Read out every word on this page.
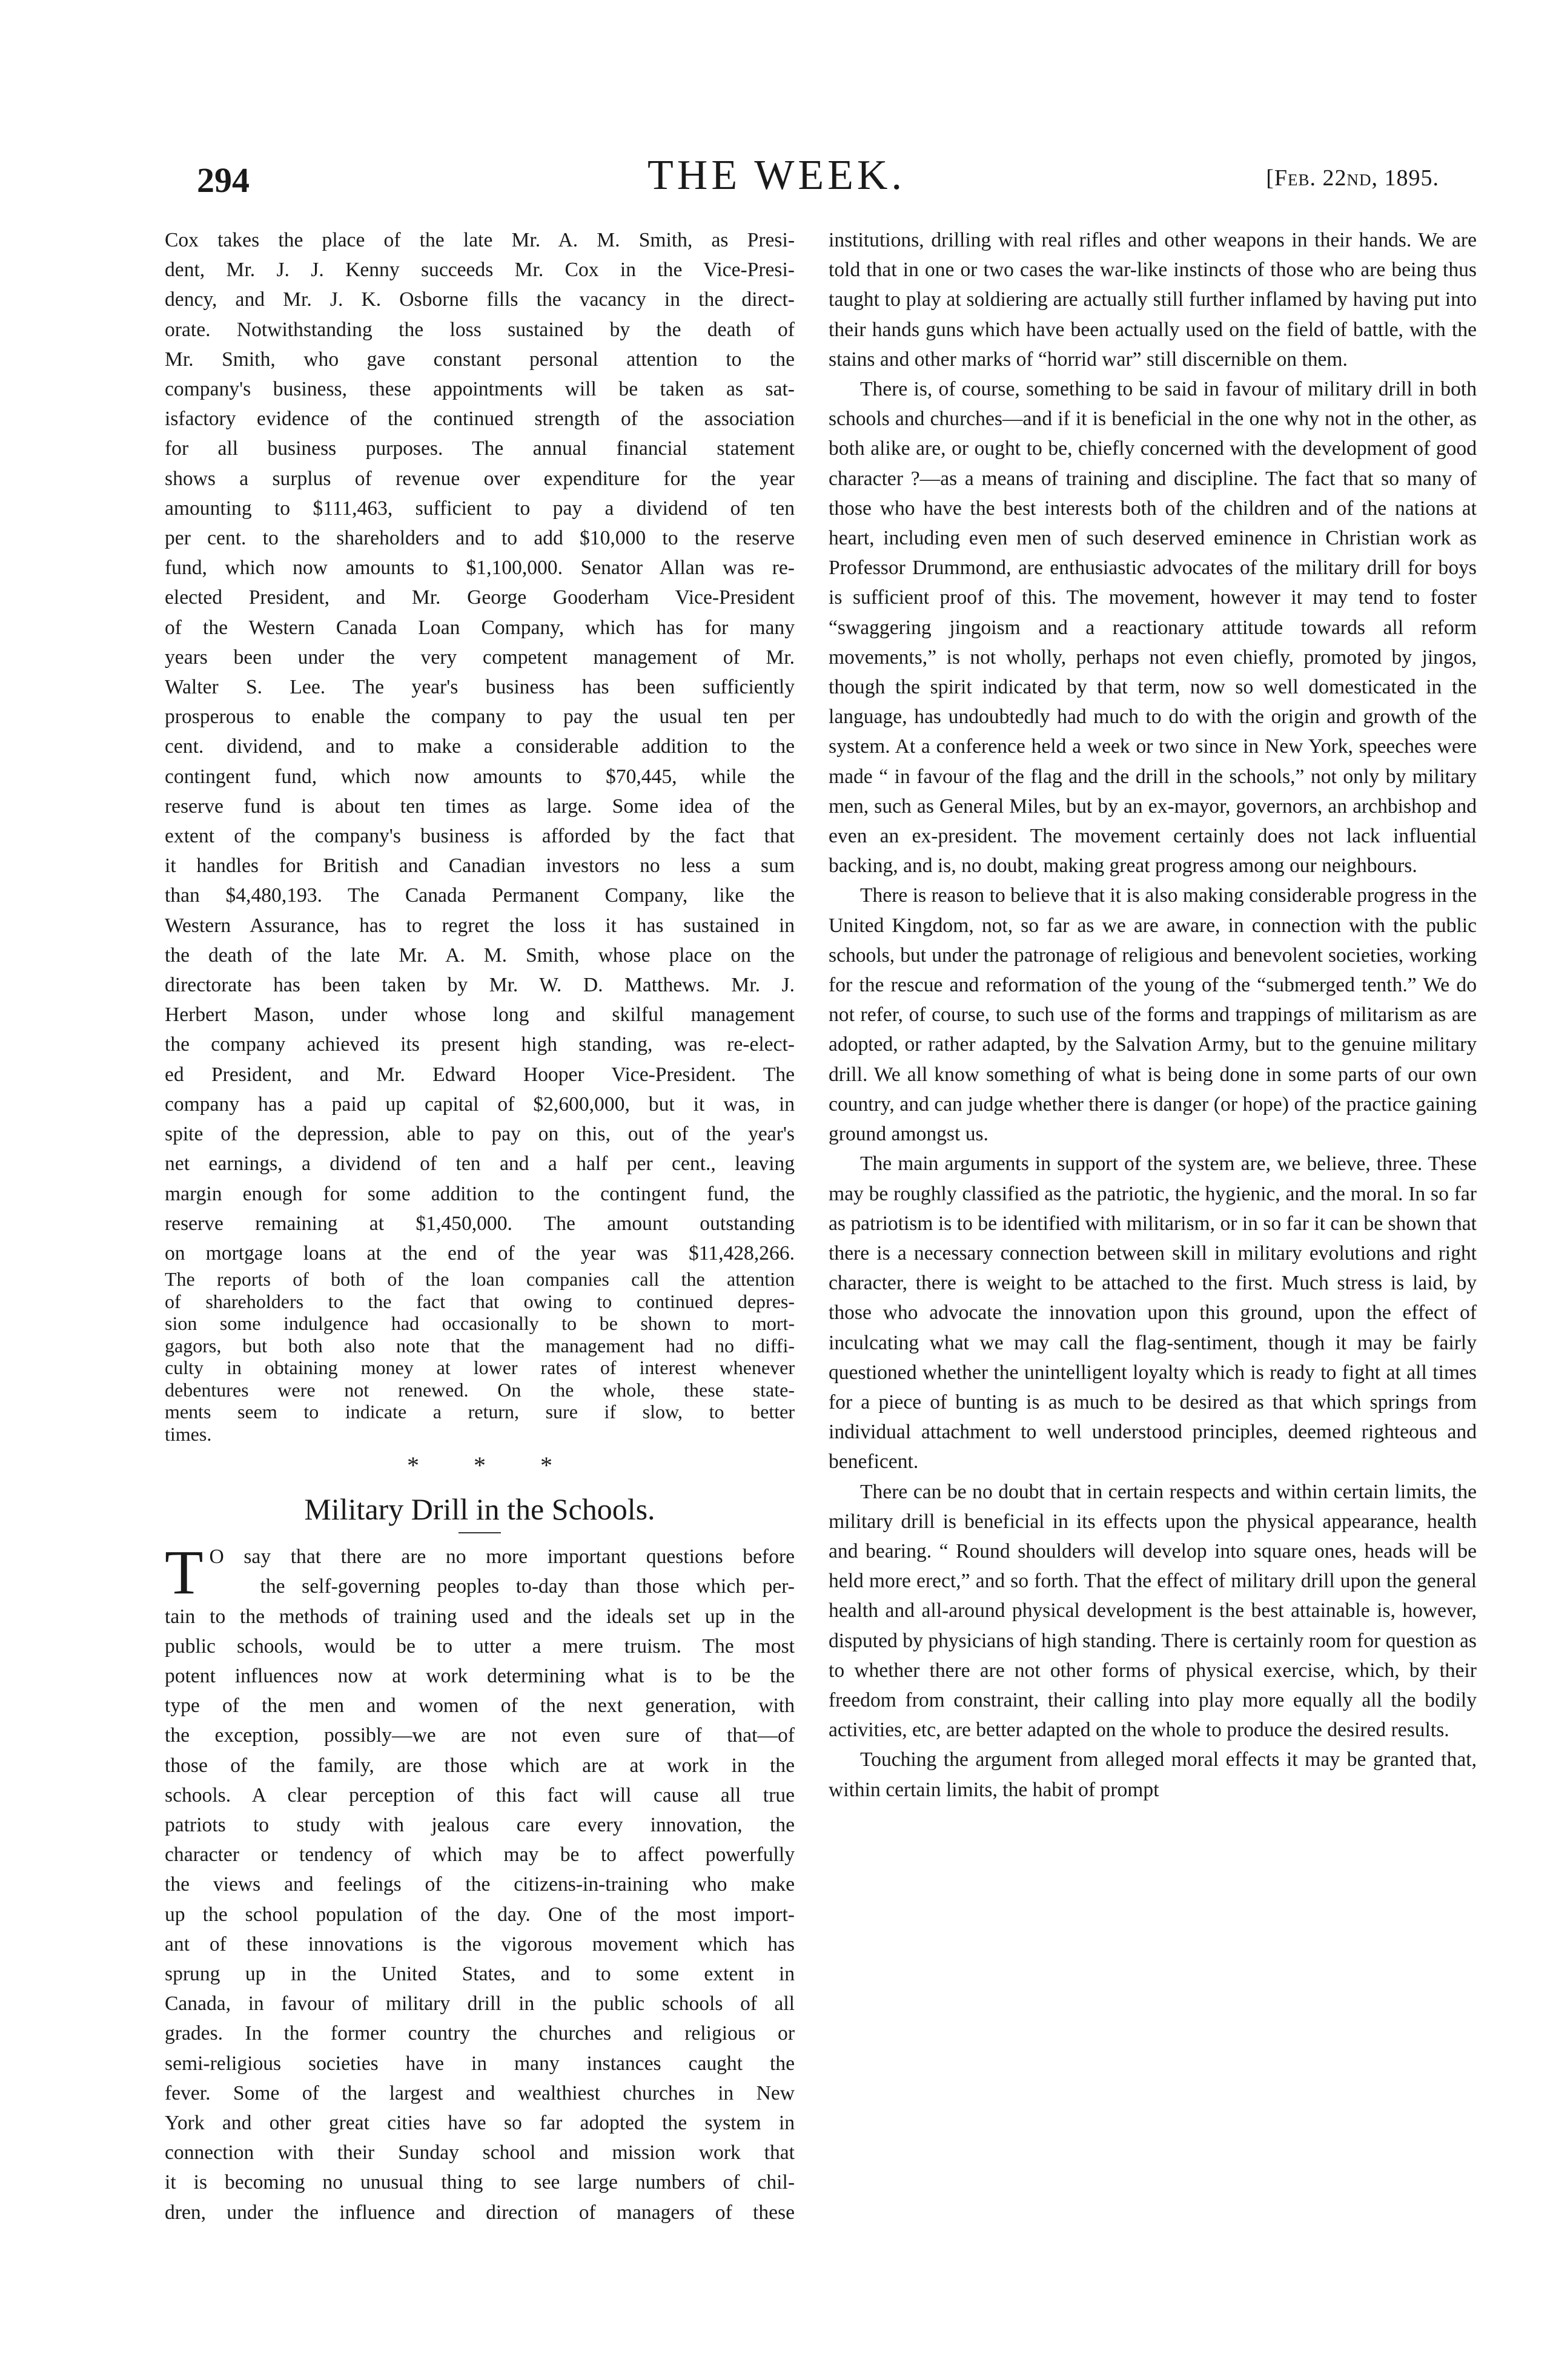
294	THE WEEK.	[Feb. 22nd, 1895.
Cox takes the place of the late Mr. A. M. Smith, as Presi-
dent, Mr. J. J. Kenny succeeds Mr. Cox in the Vice-Presi-
dency, and Mr. J. K. Osborne fills the vacancy in the direct-
orate. Notwithstanding the loss sustained by the death of
Mr. Smith, who gave constant personal attention to the
company's business, these appointments will be taken as sat-
isfactory evidence of the continued strength of the association
for all business purposes. The annual financial statement
shows a surplus of revenue over expenditure for the year
amounting to $111,463, sufficient to pay a dividend of ten
per cent. to the shareholders and to add $10,000 to the reserve
fund, which now amounts to $1,100,000. Senator Allan was re-
elected President, and Mr. George Gooderham Vice-President
of the Western Canada Loan Company, which has for many
years been under the very competent management of Mr.
Walter S. Lee. The year's business has been sufficiently
prosperous to enable the company to pay the usual ten per
cent. dividend, and to make a considerable addition to the
contingent fund, which now amounts to $70,445, while the
reserve fund is about ten times as large. Some idea of the
extent of the company's business is afforded by the fact that
it handles for British and Canadian investors no less a sum
than $4,480,193. The Canada Permanent Company, like the
Western Assurance, has to regret the loss it has sustained in
the death of the late Mr. A. M. Smith, whose place on the
directorate has been taken by Mr. W. D. Matthews. Mr. J.
Herbert Mason, under whose long and skilful management
the company achieved its present high standing, was re-elect-
ed President, and Mr. Edward Hooper Vice-President. The
company has a paid up capital of $2,600,000, but it was, in
spite of the depression, able to pay on this, out of the year's
net earnings, a dividend of ten and a half per cent., leaving
margin enough for some addition to the contingent fund, the
reserve remaining at $1,450,000. The amount outstanding
on mortgage loans at the end of the year was $11,428,266.
The reports of both of the loan companies call the attention
of shareholders to the fact that owing to continued depres-
sion some indulgence had occasionally to be shown to mort-
gagors, but both also note that the management had no diffi-
culty in obtaining money at lower rates of interest whenever
debentures were not renewed. On the whole, these state-
ments seem to indicate a return, sure if slow, to better
times.
* * *
Military Drill in the Schools.
T O say that there are no more important questions before
the self-governing peoples to-day than those which per-
tain to the methods of training used and the ideals set up in the
public schools, would be to utter a mere truism. The most
potent influences now at work determining what is to be the
type of the men and women of the next generation, with
the exception, possibly—we are not even sure of that—of
those of the family, are those which are at work in the
schools. A clear perception of this fact will cause all true
patriots to study with jealous care every innovation, the
character or tendency of which may be to affect powerfully
the views and feelings of the citizens-in-training who make
up the school population of the day. One of the most import-
ant of these innovations is the vigorous movement which has
sprung up in the United States, and to some extent in
Canada, in favour of military drill in the public schools of all
grades. In the former country the churches and religious or
semi-religious societies have in many instances caught the
fever. Some of the largest and wealthiest churches in New
York and other great cities have so far adopted the system in
connection with their Sunday school and mission work that
it is becoming no unusual thing to see large numbers of chil-
dren, under the influence and direction of managers of these

institutions, drilling with real rifles and other weapons in their hands. We are told that in one or two cases the war-like instincts of those who are being thus taught to play at soldiering are actually still further inflamed by having put into their hands guns which have been actually used on the field of battle, with the stains and other marks of “horrid war” still discernible on them.

There is, of course, something to be said in favour of military drill in both schools and churches—and if it is beneficial in the one why not in the other, as both alike are, or ought to be, chiefly concerned with the development of good character ?—as a means of training and discipline. The fact that so many of those who have the best interests both of the children and of the nations at heart, including even men of such deserved eminence in Christian work as Professor Drummond, are enthusiastic advocates of the military drill for boys is sufficient proof of this. The movement, however it may tend to foster “swaggering jingoism and a reactionary attitude towards all reform movements,” is not wholly, perhaps not even chiefly, promoted by jingos, though the spirit indicated by that term, now so well domesticated in the language, has undoubtedly had much to do with the origin and growth of the system. At a conference held a week or two since in New York, speeches were made “ in favour of the flag and the drill in the schools,” not only by military men, such as General Miles, but by an ex-mayor, governors, an archbishop and even an ex-president. The movement certainly does not lack influential backing, and is, no doubt, making great progress among our neighbours.

There is reason to believe that it is also making considerable progress in the United Kingdom, not, so far as we are aware, in connection with the public schools, but under the patronage of religious and benevolent societies, working for the rescue and reformation of the young of the “submerged tenth.” We do not refer, of course, to such use of the forms and trappings of militarism as are adopted, or rather adapted, by the Salvation Army, but to the genuine military drill. We all know something of what is being done in some parts of our own country, and can judge whether there is danger (or hope) of the practice gaining ground amongst us.

The main arguments in support of the system are, we believe, three. These may be roughly classified as the patriotic, the hygienic, and the moral. In so far as patriotism is to be identified with militarism, or in so far it can be shown that there is a necessary connection between skill in military evolutions and right character, there is weight to be attached to the first. Much stress is laid, by those who advocate the innovation upon this ground, upon the effect of inculcating what we may call the flag-sentiment, though it may be fairly questioned whether the unintelligent loyalty which is ready to fight at all times for a piece of bunting is as much to be desired as that which springs from individual attachment to well understood principles, deemed righteous and beneficent.

There can be no doubt that in certain respects and within certain limits, the military drill is beneficial in its effects upon the physical appearance, health and bearing. “ Round shoulders will develop into square ones, heads will be held more erect,” and so forth. That the effect of military drill upon the general health and all-around physical development is the best attainable is, however, disputed by physicians of high standing. There is certainly room for question as to whether there are not other forms of physical exercise, which, by their freedom from constraint, their calling into play more equally all the bodily activities, etc, are better adapted on the whole to produce the desired results.

Touching the argument from alleged moral effects it may be granted that, within certain limits, the habit of prompt
